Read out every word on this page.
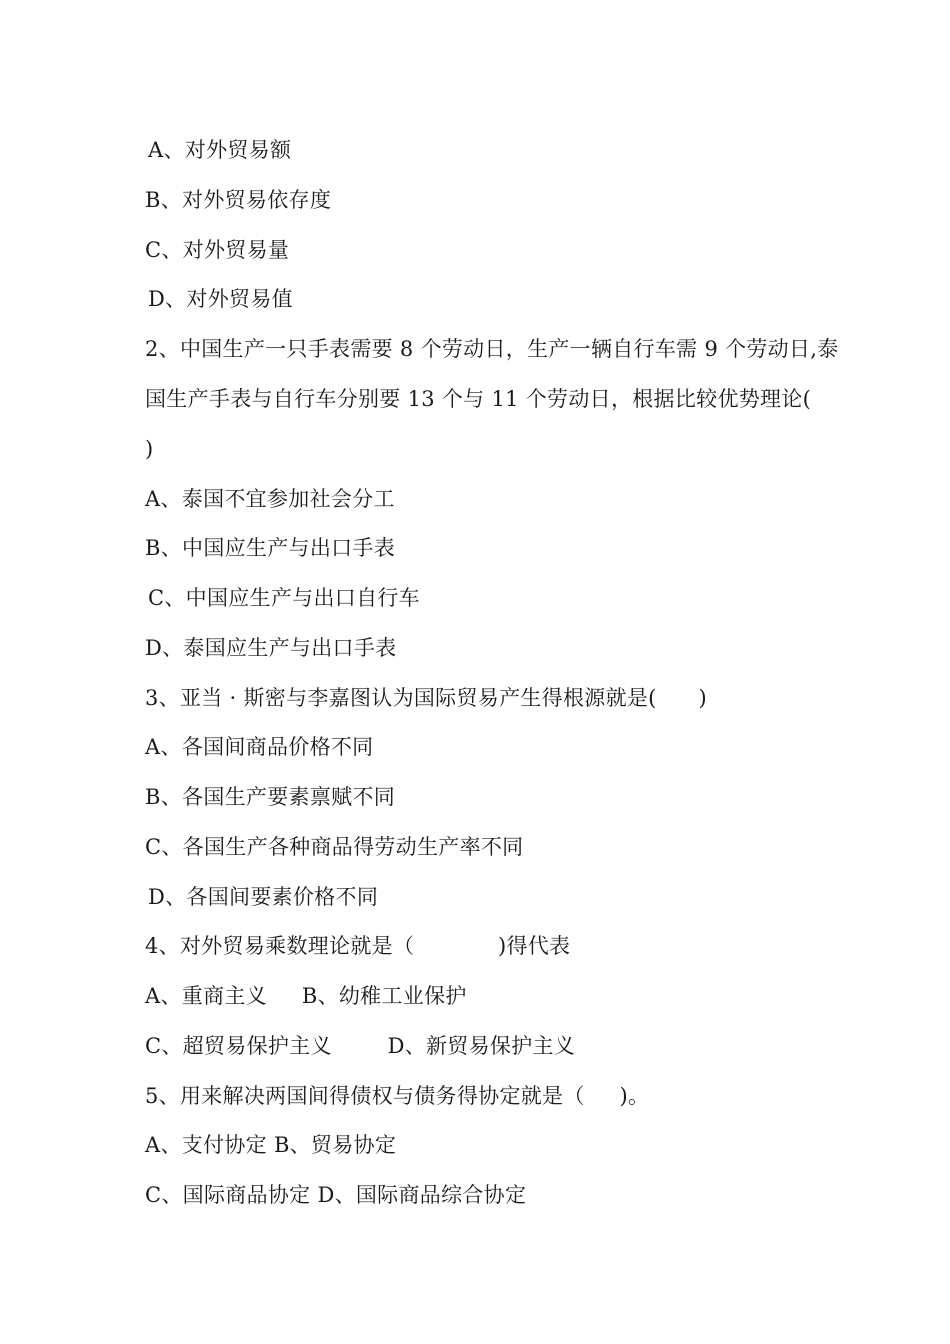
A、对外贸易额
B、对外贸易依存度
C、对外贸易量
D、对外贸易值
2、中国生产一只手表需要 8 个劳动日，生产一辆自行车需 9 个劳动日,泰
国生产手表与自行车分别要 13 个与 11 个劳动日，根据比较优势理论(
)
A、泰国不宜参加社会分工
B、中国应生产与出口手表
C、中国应生产与出口自行车
D、泰国应生产与出口手表
3、亚当 · 斯密与李嘉图认为国际贸易产生得根源就是(      )
A、各国间商品价格不同
B、各国生产要素禀赋不同
C、各国生产各种商品得劳动生产率不同
D、各国间要素价格不同
4、对外贸易乘数理论就是（            )得代表
A、重商主义     B、幼稚工业保护
C、超贸易保护主义        D、新贸易保护主义
5、用来解决两国间得债权与债务得协定就是（     )。
A、支付协定 B、贸易协定
C、国际商品协定 D、国际商品综合协定
